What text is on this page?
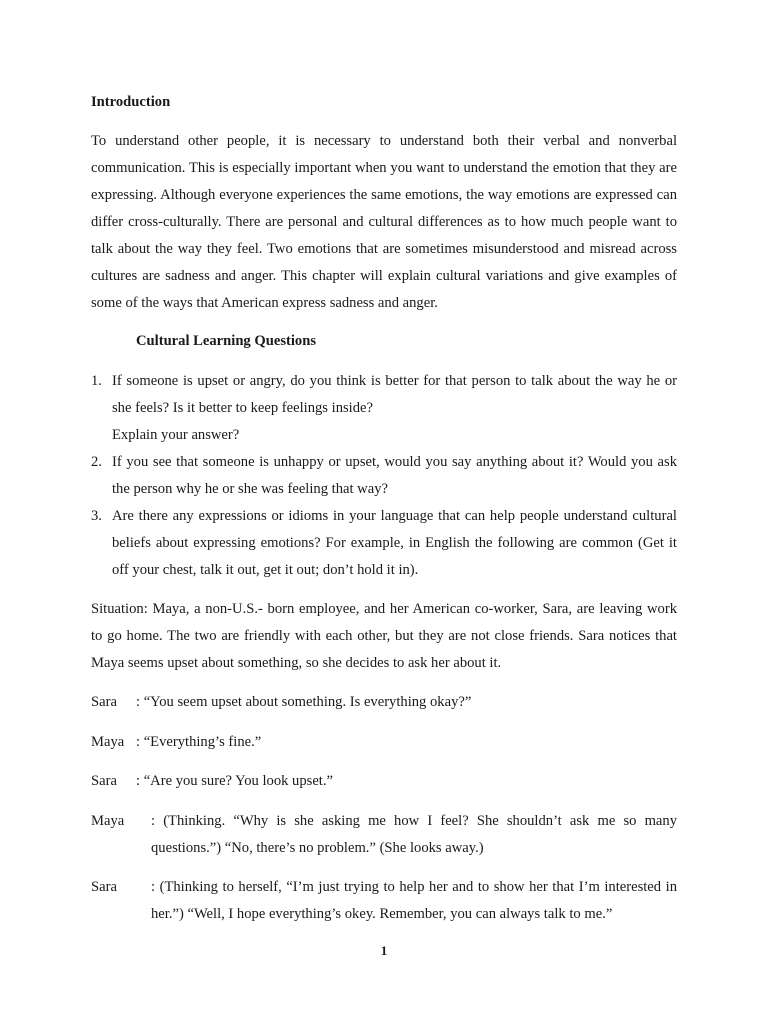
Introduction

To understand other people, it is necessary to understand both their verbal and nonverbal communication. This is especially important when you want to understand the emotion that they are expressing. Although everyone experiences the same emotions, the way emotions are expressed can differ cross-culturally. There are personal and cultural differences as to how much people want to talk about the way they feel. Two emotions that are sometimes misunderstood and misread across cultures are sadness and anger. This chapter will explain cultural variations and give examples of some of the ways that American express sadness and anger.

Cultural Learning Questions
1. If someone is upset or angry, do you think is better for that person to talk about the way he or she feels? Is it better to keep feelings inside?
Explain your answer?
2. If you see that someone is unhappy or upset, would you say anything about it? Would you ask the person why he or she was feeling that way?
3. Are there any expressions or idioms in your language that can help people understand cultural beliefs about expressing emotions? For example, in English the following are common (Get it off your chest, talk it out, get it out; don’t hold it in).

Situation: Maya, a non-U.S.- born employee, and her American co-worker, Sara, are leaving work to go home. The two are friendly with each other, but they are not close friends. Sara notices that Maya seems upset about something, so she decides to ask her about it.

Sara	: “You seem upset about something. Is everything okay?”
Maya : “Everything’s fine.”
Sara	: “Are you sure? You look upset.”
Maya	: (Thinking. “Why is she asking me how I feel? She shouldn’t ask me so many questions.”) “No, there’s no problem.” (She looks away.)
Sara	: (Thinking to herself, “I’m just trying to help her and to show her that I’m interested in her.”) “Well, I hope everything’s okey. Remember, you can always talk to me.”
1
